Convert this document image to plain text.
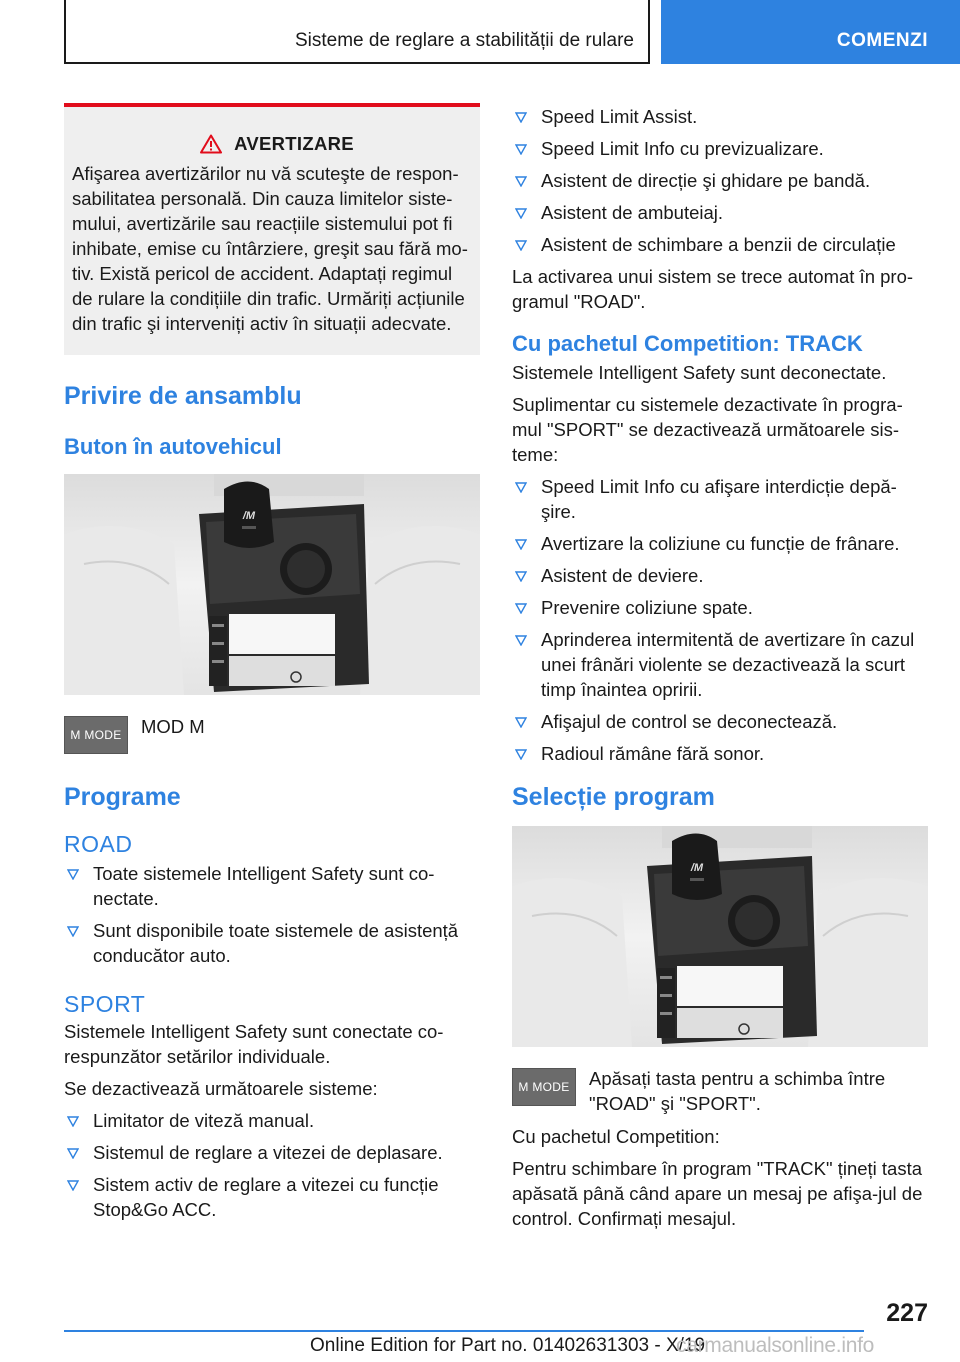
Sisteme de reglare a stabilității de rulare	COMENZI
AVERTIZARE
Afişarea avertizărilor nu vă scuteşte de respon-sabilitatea personală. Din cauza limitelor siste-mului, avertizările sau reacțiile sistemului pot fi inhibate, emise cu întârziere, greşit sau fără mo-tiv. Există pericol de accident. Adaptați regimul de rulare la condițiile din trafic. Urmăriți acțiunile din trafic şi interveniți activ în situații adecvate.
Privire de ansamblu
Buton în autovehicul
/M
M MODE	MOD M
Programe
ROAD
Toate sistemele Intelligent Safety sunt co-nectate.
Sunt disponibile toate sistemele de asistență conducător auto.
SPORT

Sistemele Intelligent Safety sunt conectate co-respunzător setărilor individuale.

Se dezactivează următoarele sisteme:

Limitator de viteză manual.
Sistemul de reglare a vitezei de deplasare.
Sistem activ de reglare a vitezei cu funcție Stop&Go ACC.
Speed Limit Assist.
Speed Limit Info cu previzualizare.
Asistent de direcție şi ghidare pe bandă.
Asistent de ambuteiaj.
Asistent de schimbare a benzii de circulație

La activarea unui sistem se trece automat în pro-gramul "ROAD".

Cu pachetul Competition: TRACK

Sistemele Intelligent Safety sunt deconectate.

Suplimentar cu sistemele dezactivate în progra-mul "SPORT" se dezactivează următoarele sis-teme:

Speed Limit Info cu afişare interdicție depă-şire.
Avertizare la coliziune cu funcție de frânare.
Asistent de deviere.
Prevenire coliziune spate.
Aprinderea intermitentă de avertizare în cazul unei frânări violente se dezactivează la scurt timp înaintea opririi.
Afişajul de control se deconectează.
Radioul rămâne fără sonor.
Selecție program
/M
M MODE	Apăsați tasta pentru a schimba între "ROAD" şi "SPORT".

Cu pachetul Competition:

Pentru schimbare în program "TRACK" țineți tasta apăsată până când apare un mesaj pe afişa-jul de control. Confirmați mesajul.

227
Online Edition for Part no. 01402631303 - X/19
carmanualsonline.info
